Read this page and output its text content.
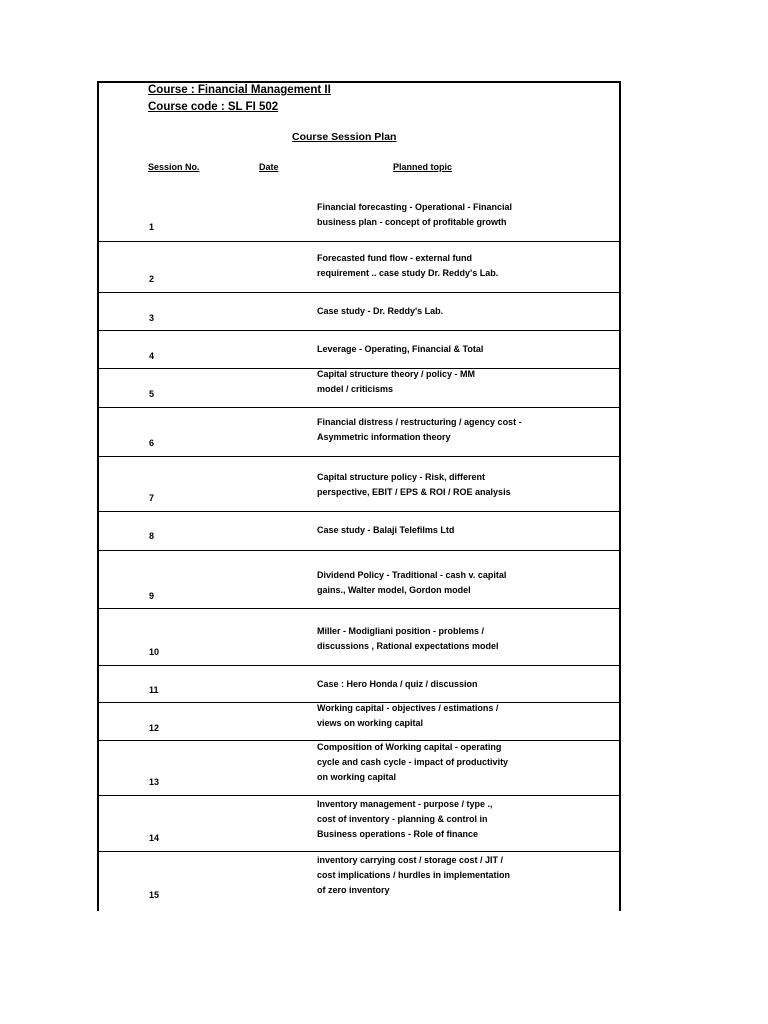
Course : Financial Management II
Course code : SL FI 502
Course Session Plan
Session No.	Date	Planned topic
1
Financial forecasting - Operational - Financial
business plan - concept of profitable growth
2
Forecasted fund flow - external fund
requirement .. case study Dr. Reddy's Lab.
3
Case study - Dr. Reddy's Lab.
4
Leverage - Operating, Financial & Total
5
Capital structure theory / policy - MM
model / criticisms
6
Financial distress / restructuring / agency cost -
Asymmetric information theory
7
Capital structure policy - Risk, different
perspective, EBIT / EPS & ROI / ROE analysis
8
Case study - Balaji Telefilms Ltd
9
Dividend Policy - Traditional - cash v. capital
gains., Walter model, Gordon model
10
Miller - Modigliani position - problems /
discussions , Rational expectations model
11
Case : Hero Honda / quiz / discussion
12
Working capital - objectives / estimations /
views on working capital
13
Composition of Working capital - operating
cycle and cash cycle - impact of productivity
on working capital
14
Inventory management - purpose / type .,
cost of inventory - planning & control in
Business operations - Role of finance
15
inventory carrying cost / storage cost / JIT /
cost implications / hurdles in implementation
of zero inventory
